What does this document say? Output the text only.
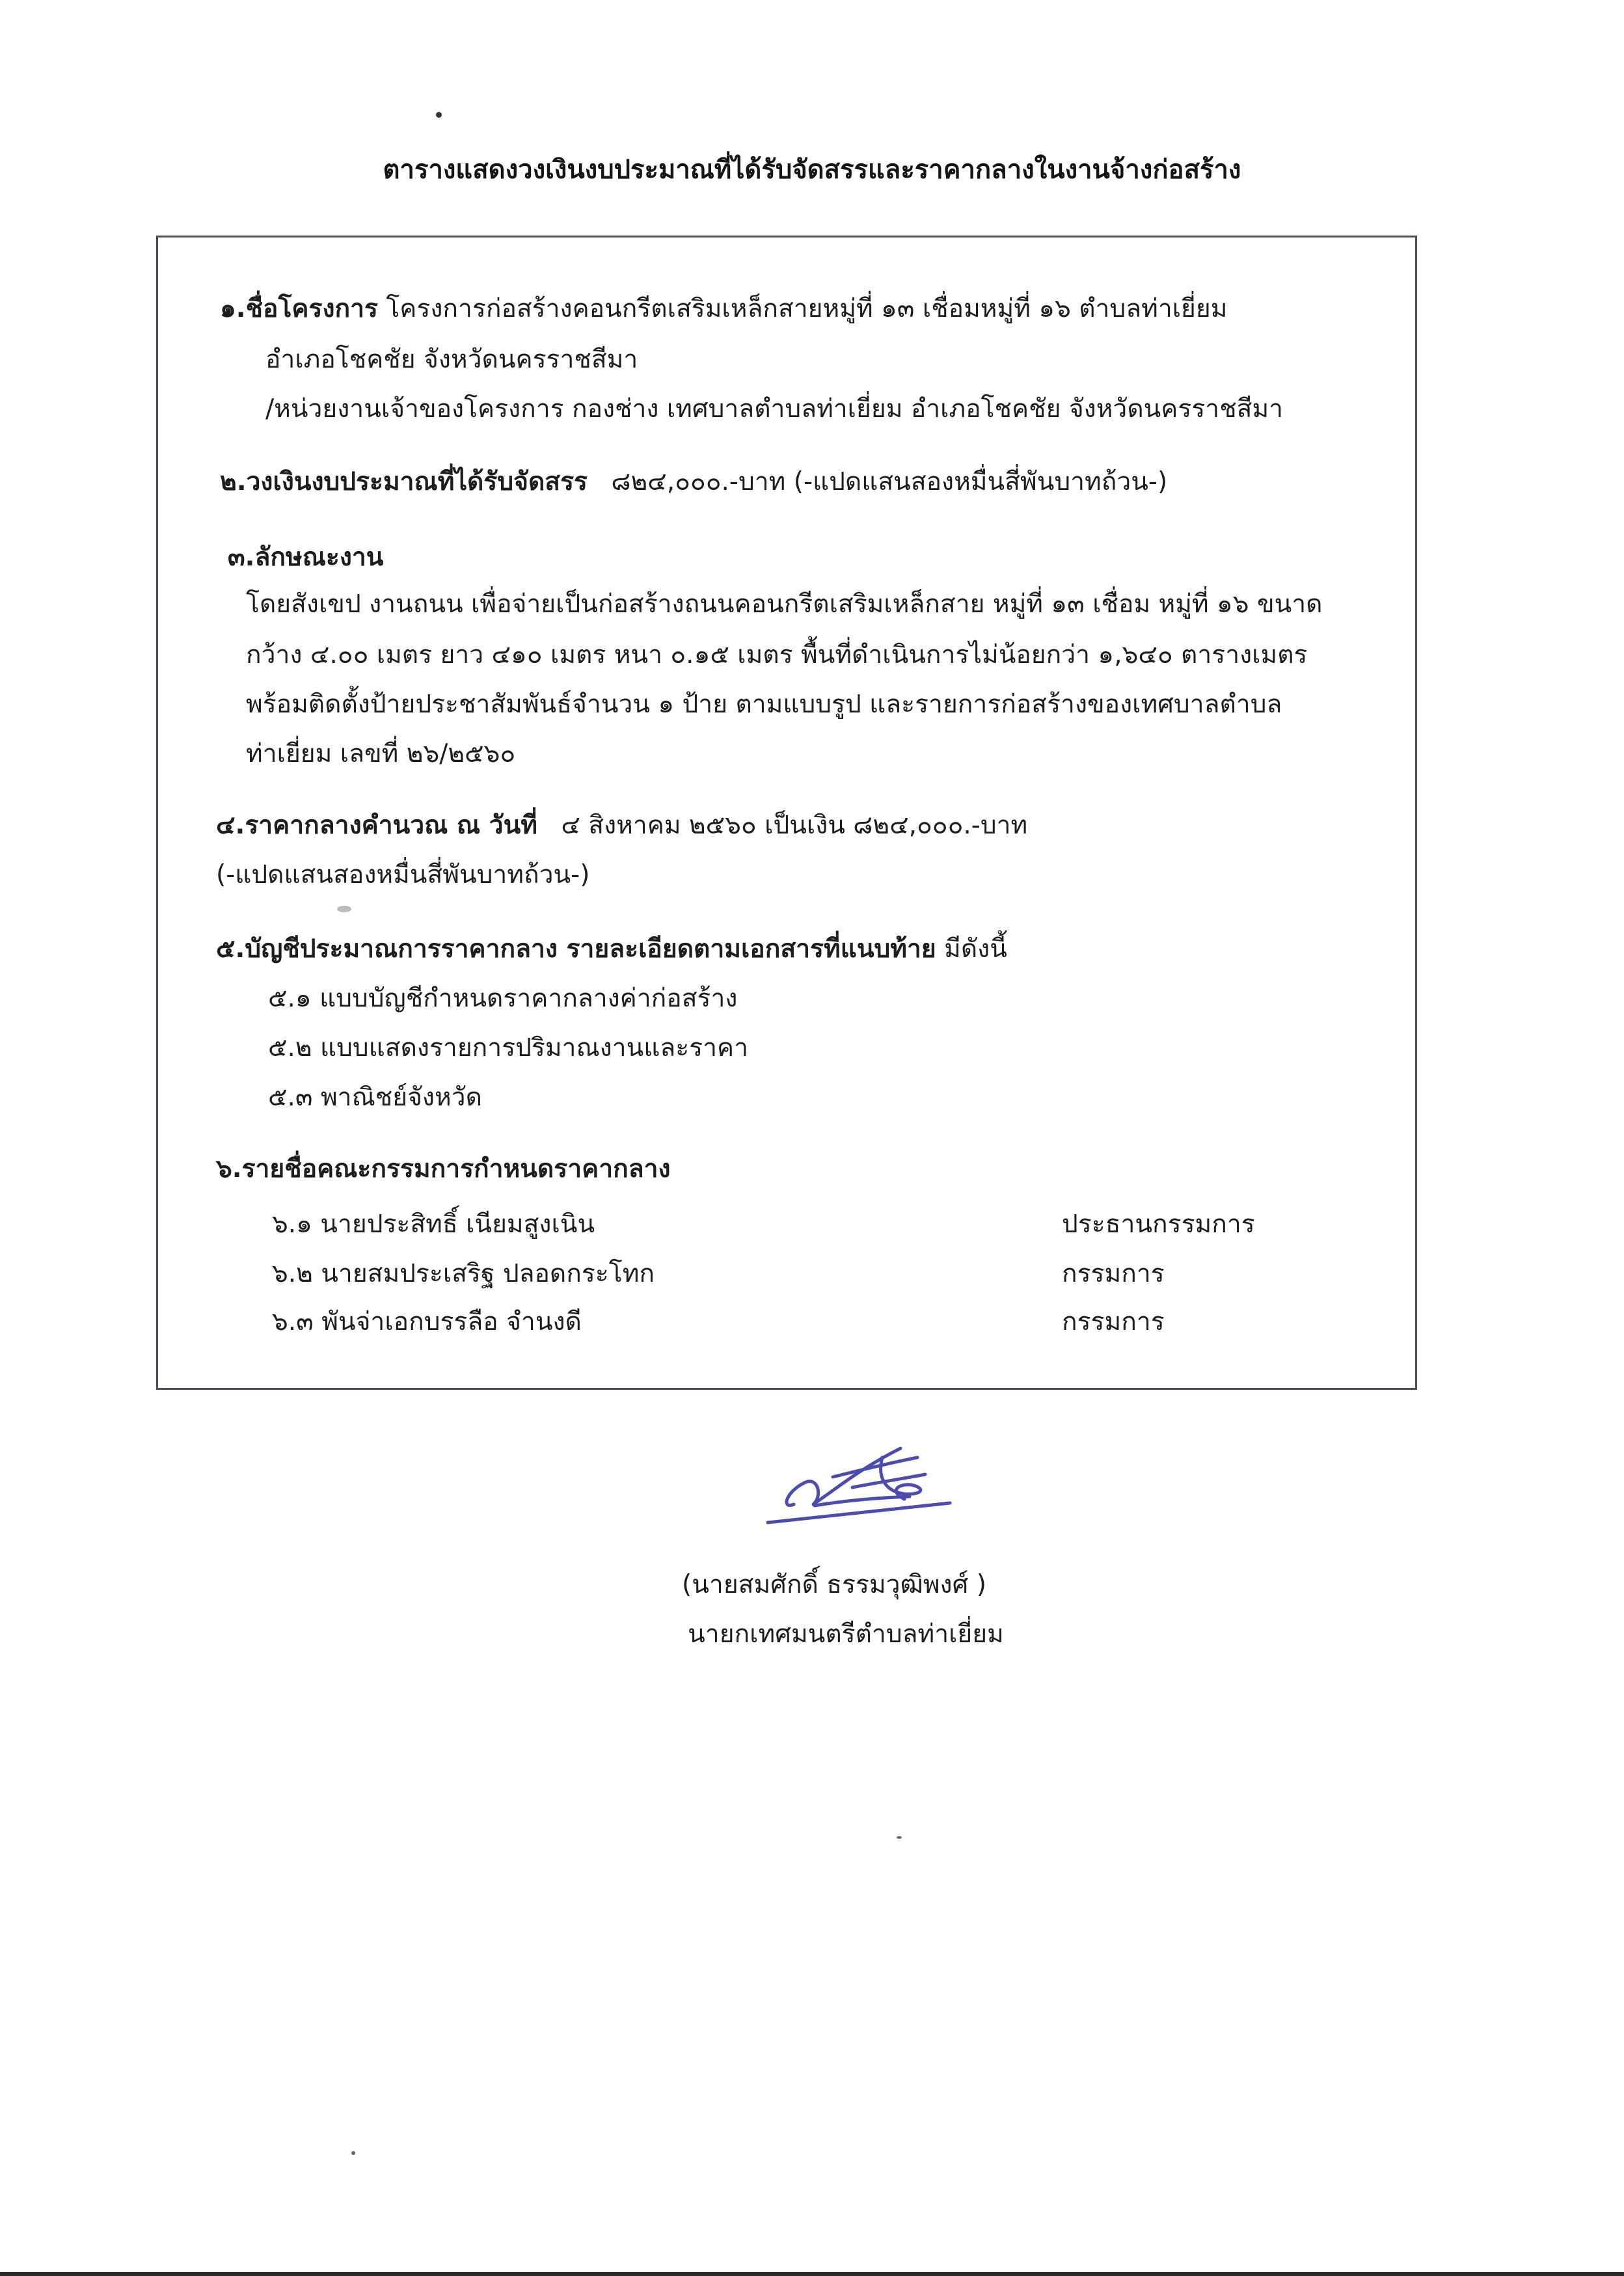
ตารางแสดงวงเงินงบประมาณที่ได้รับจัดสรรและราคากลางในงานจ้างก่อสร้าง
๑.ชื่อโครงการ โครงการก่อสร้างคอนกรีตเสริมเหล็กสายหมู่ที่ ๑๓ เชื่อมหมู่ที่ ๑๖ ตำบลท่าเยี่ยม
อำเภอโชคชัย จังหวัดนครราชสีมา
/หน่วยงานเจ้าของโครงการ กองช่าง เทศบาลตำบลท่าเยี่ยม อำเภอโชคชัย จังหวัดนครราชสีมา
๒.วงเงินงบประมาณที่ได้รับจัดสรร ๘๒๔,๐๐๐.-บาท (-แปดแสนสองหมื่นสี่พันบาทถ้วน-)
๓.ลักษณะงาน
โดยสังเขป งานถนน เพื่อจ่ายเป็นก่อสร้างถนนคอนกรีตเสริมเหล็กสาย หมู่ที่ ๑๓ เชื่อม หมู่ที่ ๑๖ ขนาด
กว้าง ๔.๐๐ เมตร ยาว ๔๑๐ เมตร หนา ๐.๑๕ เมตร พื้นที่ดำเนินการไม่น้อยกว่า ๑,๖๔๐ ตารางเมตร
พร้อมติดตั้งป้ายประชาสัมพันธ์จำนวน ๑ ป้าย ตามแบบรูป และรายการก่อสร้างของเทศบาลตำบล
ท่าเยี่ยม เลขที่ ๒๖/๒๕๖๐
๔.ราคากลางคำนวณ ณ วันที่ ๔ สิงหาคม ๒๕๖๐ เป็นเงิน ๘๒๔,๐๐๐.-บาท
(-แปดแสนสองหมื่นสี่พันบาทถ้วน-)
๕.บัญชีประมาณการราคากลาง รายละเอียดตามเอกสารที่แนบท้าย มีดังนี้
๕.๑ แบบบัญชีกำหนดราคากลางค่าก่อสร้าง
๕.๒ แบบแสดงรายการปริมาณงานและราคา
๕.๓ พาณิชย์จังหวัด
๖.รายชื่อคณะกรรมการกำหนดราคากลาง
๖.๑ นายประสิทธิ์ เนียมสูงเนิน	ประธานกรรมการ
๖.๒ นายสมประเสริฐ ปลอดกระโทก	กรรมการ
๖.๓ พันจ่าเอกบรรลือ จำนงดี	กรรมการ
(นายสมศักดิ์ ธรรมวุฒิพงศ์ )
นายกเทศมนตรีตำบลท่าเยี่ยม
